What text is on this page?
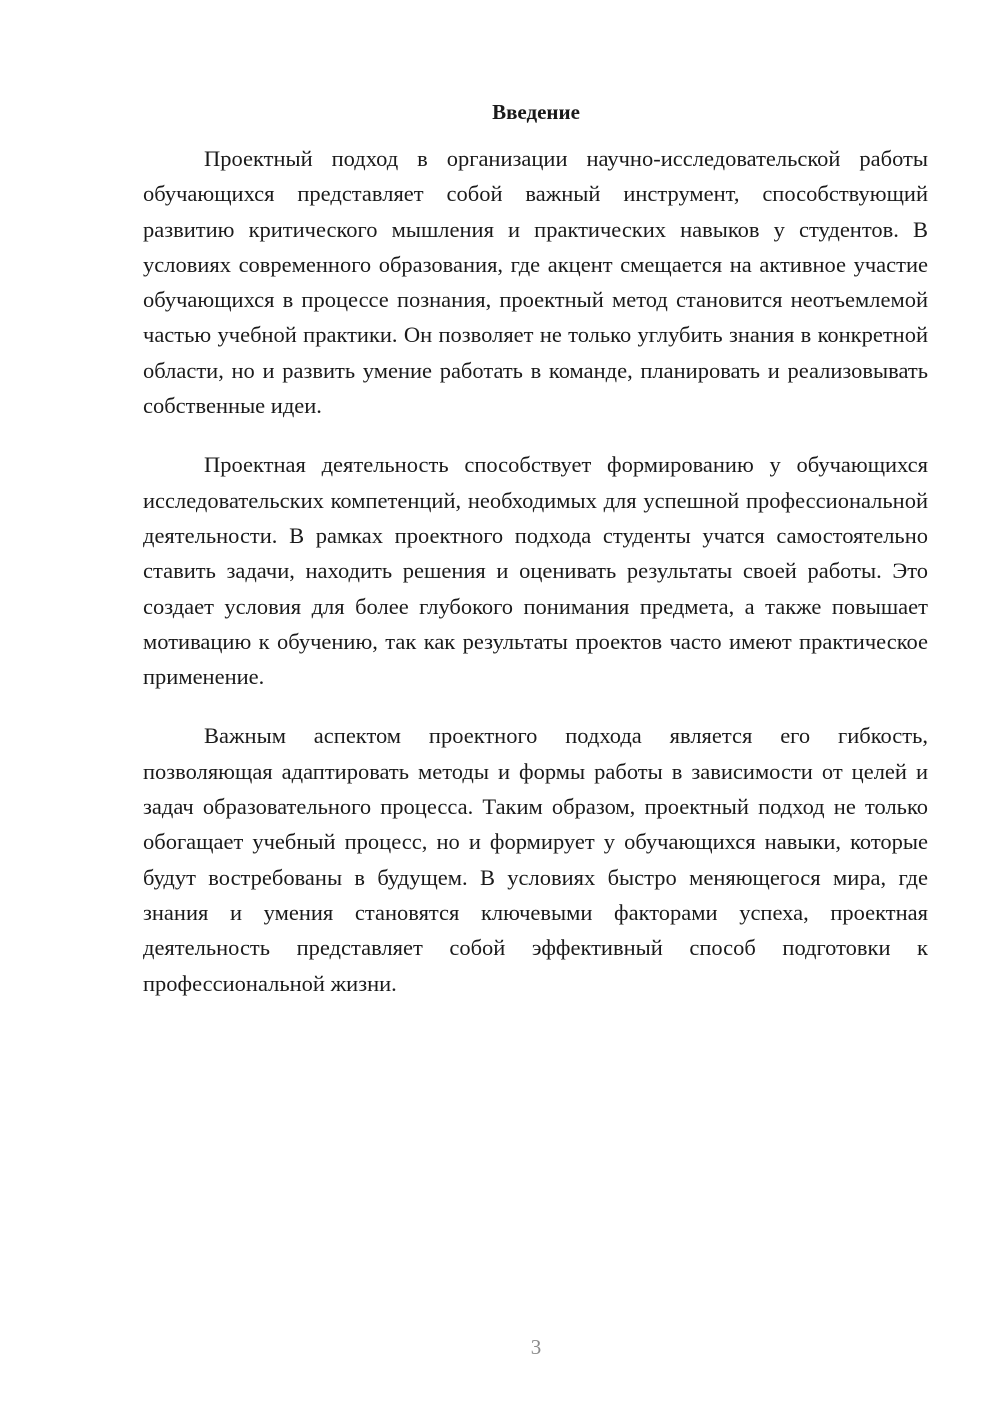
Введение

Проектный подход в организации научно-исследовательской работы обучающихся представляет собой важный инструмент, способствующий развитию критического мышления и практических навыков у студентов. В условиях современного образования, где акцент смещается на активное участие обучающихся в процессе познания, проектный метод становится неотъемлемой частью учебной практики. Он позволяет не только углубить знания в конкретной области, но и развить умение работать в команде, планировать и реализовывать собственные идеи.

Проектная деятельность способствует формированию у обучающихся исследовательских компетенций, необходимых для успешной профессиональной деятельности. В рамках проектного подхода студенты учатся самостоятельно ставить задачи, находить решения и оценивать результаты своей работы. Это создает условия для более глубокого понимания предмета, а также повышает мотивацию к обучению, так как результаты проектов часто имеют практическое применение.

Важным аспектом проектного подхода является его гибкость, позволяющая адаптировать методы и формы работы в зависимости от целей и задач образовательного процесса. Таким образом, проектный подход не только обогащает учебный процесс, но и формирует у обучающихся навыки, которые будут востребованы в будущем. В условиях быстро меняющегося мира, где знания и умения становятся ключевыми факторами успеха, проектная деятельность представляет собой эффективный способ подготовки к профессиональной жизни.

3
